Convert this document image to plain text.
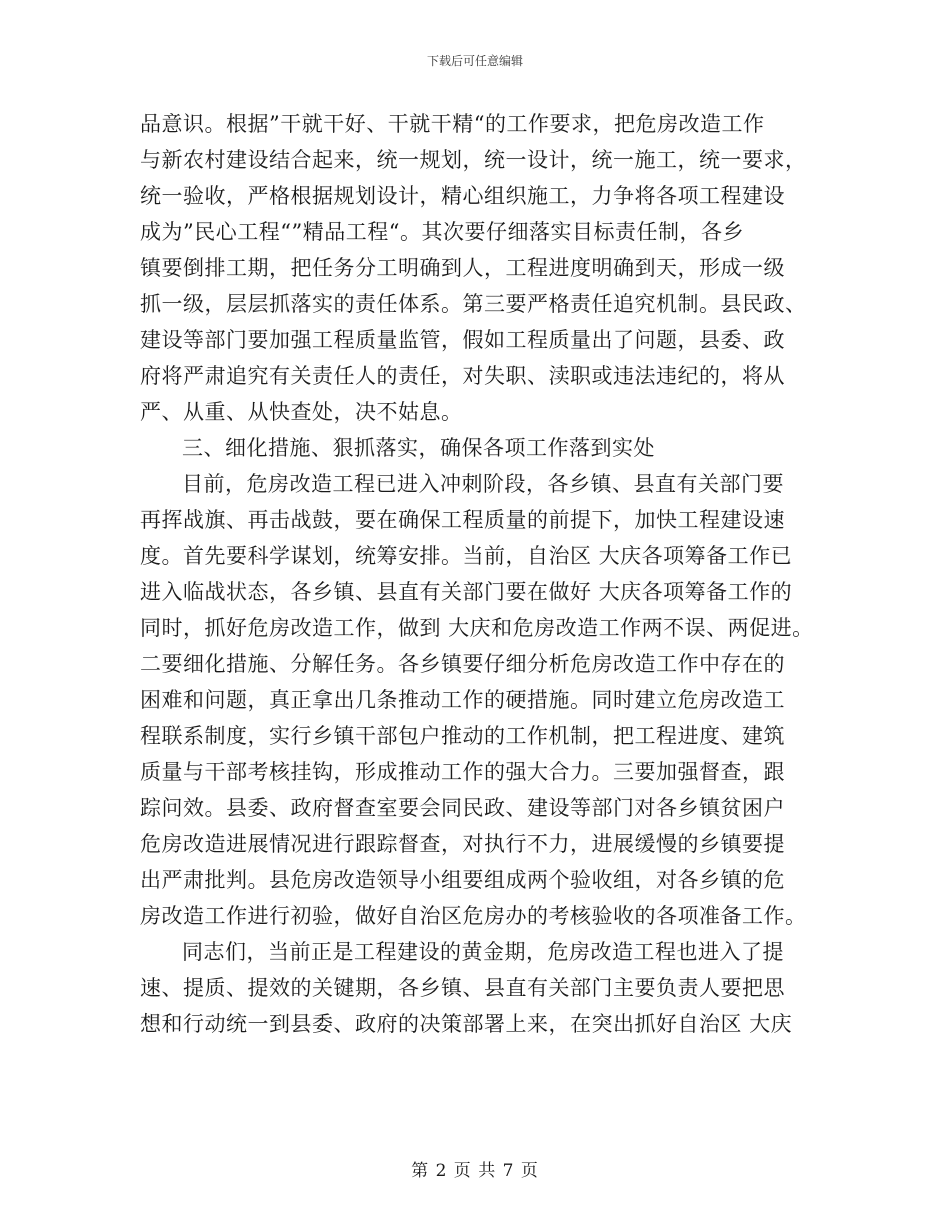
下载后可任意编辑
品意识。根据”干就干好、干就干精“的工作要求，把危房改造工作
与新农村建设结合起来，统一规划，统一设计，统一施工，统一要求，
统一验收，严格根据规划设计，精心组织施工，力争将各项工程建设
成为”民心工程“”精品工程“。其次要仔细落实目标责任制，各乡
镇要倒排工期，把任务分工明确到人，工程进度明确到天，形成一级
抓一级，层层抓落实的责任体系。第三要严格责任追究机制。县民政、
建设等部门要加强工程质量监管，假如工程质量出了问题，县委、政
府将严肃追究有关责任人的责任，对失职、渎职或违法违纪的，将从
严、从重、从快查处，决不姑息。
三、细化措施、狠抓落实，确保各项工作落到实处
目前，危房改造工程已进入冲刺阶段，各乡镇、县直有关部门要
再挥战旗、再击战鼓，要在确保工程质量的前提下，加快工程建设速
度。首先要科学谋划，统筹安排。当前，自治区 大庆各项筹备工作已
进入临战状态，各乡镇、县直有关部门要在做好 大庆各项筹备工作的
同时，抓好危房改造工作，做到 大庆和危房改造工作两不误、两促进。
二要细化措施、分解任务。各乡镇要仔细分析危房改造工作中存在的
困难和问题，真正拿出几条推动工作的硬措施。同时建立危房改造工
程联系制度，实行乡镇干部包户推动的工作机制，把工程进度、建筑
质量与干部考核挂钩，形成推动工作的强大合力。三要加强督查，跟
踪问效。县委、政府督查室要会同民政、建设等部门对各乡镇贫困户
危房改造进展情况进行跟踪督查，对执行不力，进展缓慢的乡镇要提
出严肃批判。县危房改造领导小组要组成两个验收组，对各乡镇的危
房改造工作进行初验，做好自治区危房办的考核验收的各项准备工作。
同志们，当前正是工程建设的黄金期，危房改造工程也进入了提
速、提质、提效的关键期，各乡镇、县直有关部门主要负责人要把思
想和行动统一到县委、政府的决策部署上来，在突出抓好自治区 大庆
第 2 页 共 7 页
